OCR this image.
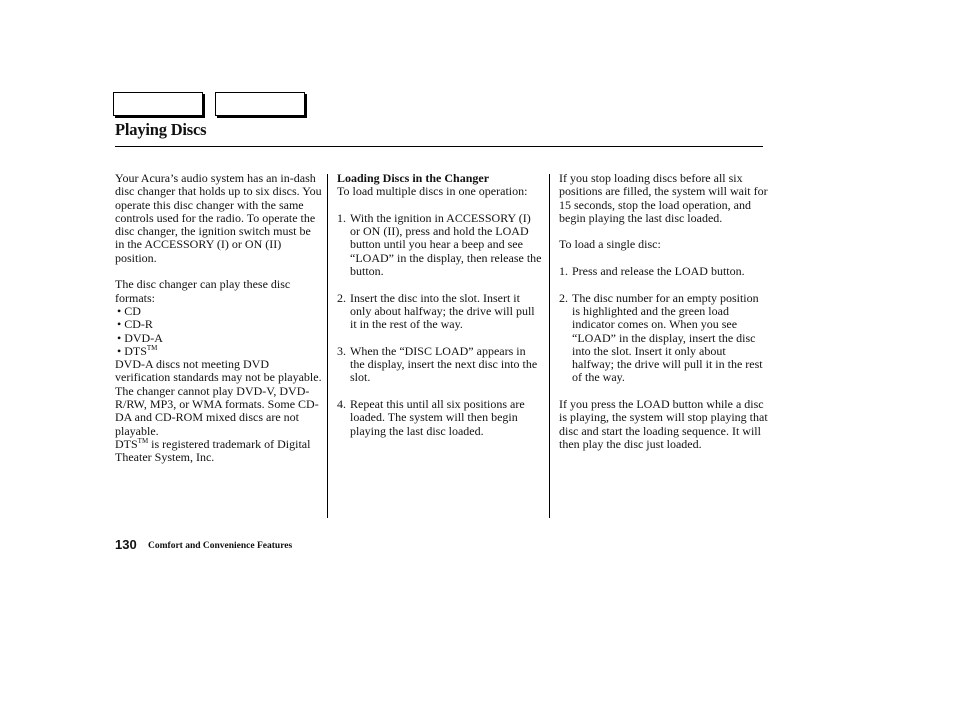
Playing Discs

Your Acura’s audio system has an in-dash disc changer that holds up to six discs. You operate this disc changer with the same controls used for the radio. To operate the disc changer, the ignition switch must be in the ACCESSORY (I) or ON (II) position.

The disc changer can play these disc formats:

• CD
• CD-R
• DVD-A
• DTS™

DVD-A discs not meeting DVD verification standards may not be playable.

The changer cannot play DVD-V, DVD-R/RW, MP3, or WMA formats. Some CD-DA and CD-ROM mixed discs are not playable.

DTS™ is registered trademark of Digital Theater System, Inc.

Loading Discs in the Changer

To load multiple discs in one operation:

1. With the ignition in ACCESSORY (I) or ON (II), press and hold the LOAD button until you hear a beep and see “LOAD” in the display, then release the button.
2. Insert the disc into the slot. Insert it only about halfway; the drive will pull it in the rest of the way.
3. When the “DISC LOAD” appears in the display, insert the next disc into the slot.
4. Repeat this until all six positions are loaded. The system will then begin playing the last disc loaded.

If you stop loading discs before all six positions are filled, the system will wait for 15 seconds, stop the load operation, and begin playing the last disc loaded.

To load a single disc:

1. Press and release the LOAD button.
2. The disc number for an empty position is highlighted and the green load indicator comes on. When you see “LOAD” in the display, insert the disc into the slot. Insert it only about halfway; the drive will pull it in the rest of the way.

If you press the LOAD button while a disc is playing, the system will stop playing that disc and start the loading sequence. It will then play the disc just loaded.

130 Comfort and Convenience Features
